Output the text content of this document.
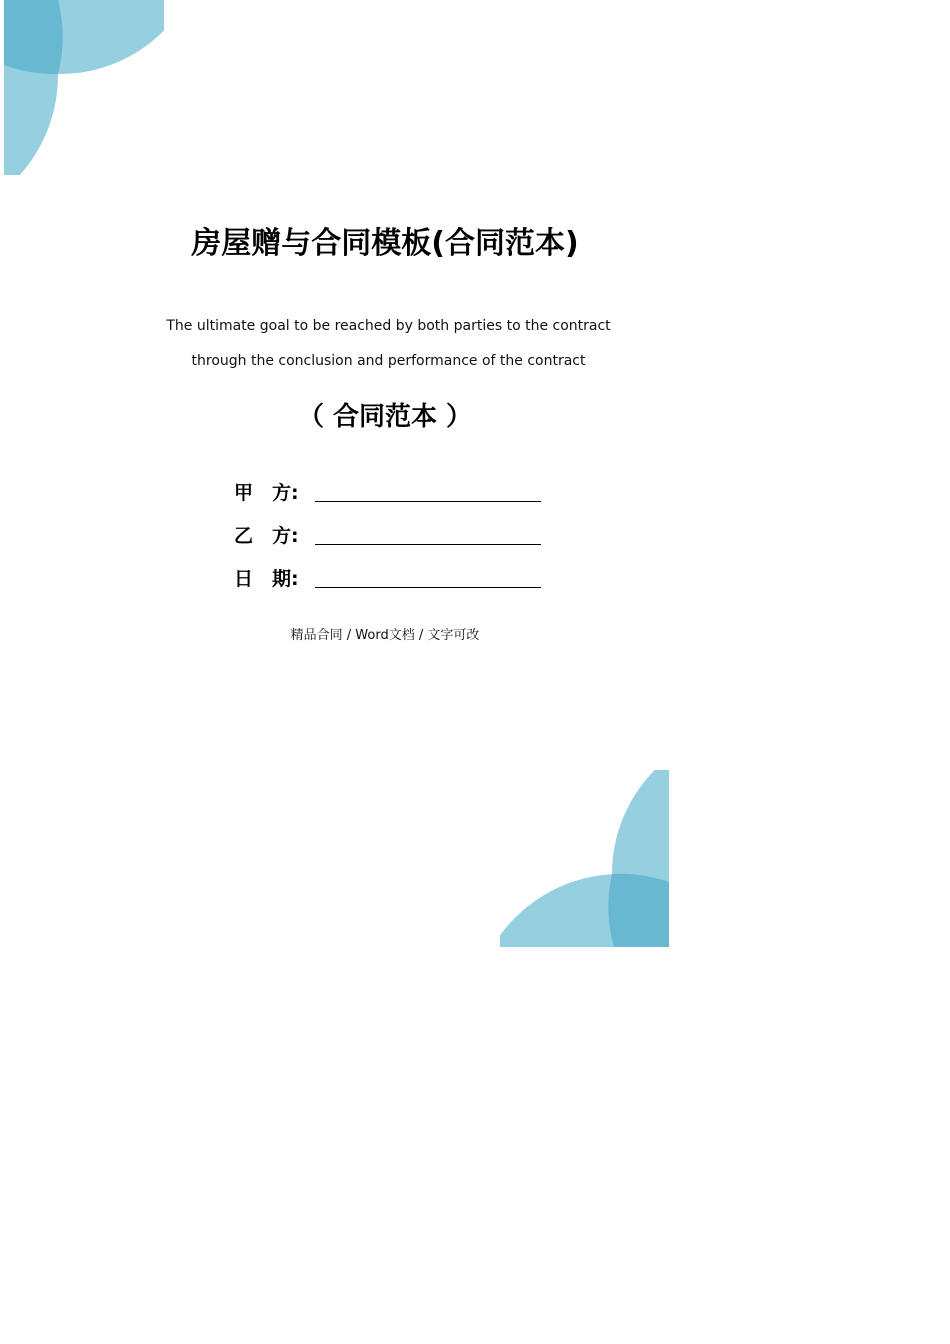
房屋赠与合同模板(合同范本)
The ultimate goal to be reached by both parties to the contract
through the conclusion and performance of the contract
（ 合同范本 ）
甲　方:
乙　方:
日　期:
精品合同 / Word文档 / 文字可改
